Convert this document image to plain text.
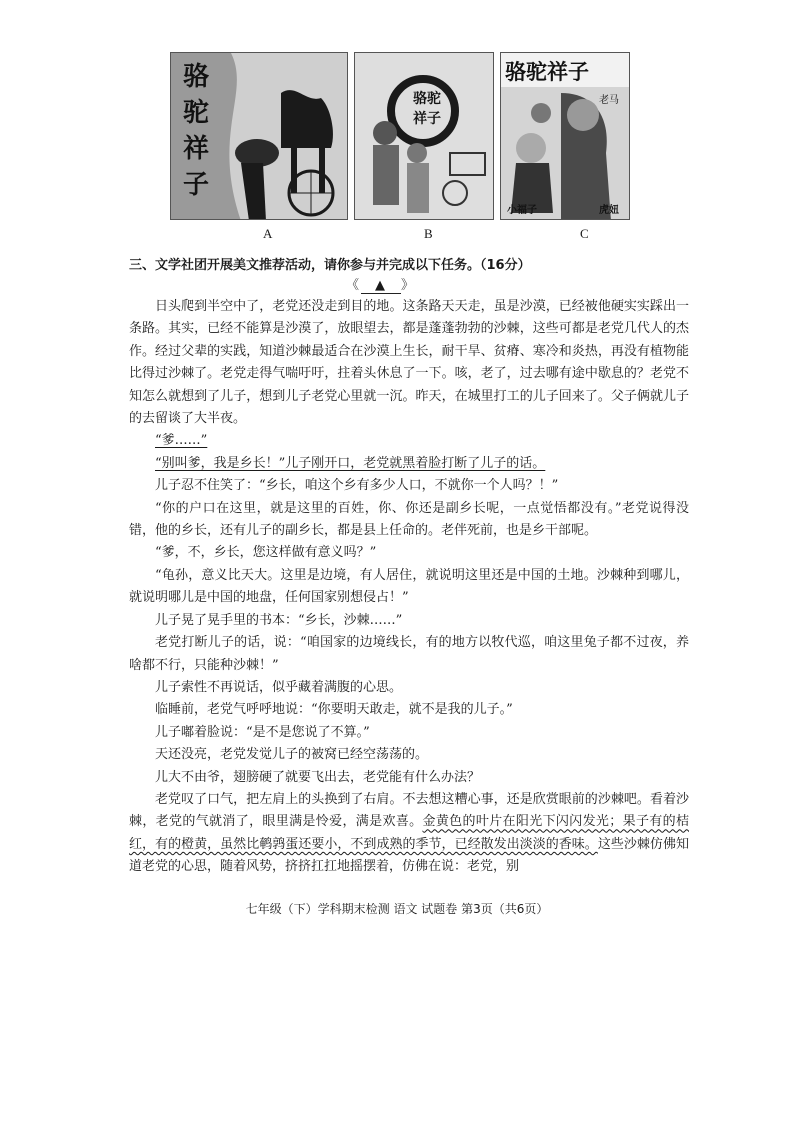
骆
驼
祥
子
骆驼
祥子
骆驼祥子
老马
小福子	虎妞
A	B	C
三、文学社团开展美文推荐活动，请你参与并完成以下任务。（16分）
《 ▲ 》

日头爬到半空中了，老党还没走到目的地。这条路天天走，虽是沙漠，已经被他硬实实踩出一条路。其实，已经不能算是沙漠了，放眼望去，都是蓬蓬勃勃的沙棘，这些可都是老党几代人的杰作。经过父辈的实践，知道沙棘最适合在沙漠上生长，耐干旱、贫瘠、寒冷和炎热，再没有植物能比得过沙棘了。老党走得气喘吁吁，拄着头休息了一下。咳，老了，过去哪有途中歇息的？老党不知怎么就想到了儿子，想到儿子老党心里就一沉。昨天，在城里打工的儿子回来了。父子俩就儿子的去留谈了大半夜。

“爹……”

“别叫爹，我是乡长！”儿子刚开口，老党就黑着脸打断了儿子的话。

儿子忍不住笑了：“乡长，咱这个乡有多少人口，不就你一个人吗？！”

“你的户口在这里，就是这里的百姓，你、你还是副乡长呢，一点觉悟都没有。”老党说得没错，他的乡长，还有儿子的副乡长，都是县上任命的。老伴死前，也是乡干部呢。

“爹，不，乡长，您这样做有意义吗？”

“龟孙，意义比天大。这里是边境，有人居住，就说明这里还是中国的土地。沙棘种到哪儿，就说明哪儿是中国的地盘，任何国家别想侵占！”

儿子晃了晃手里的书本：“乡长，沙棘……”

老党打断儿子的话，说：“咱国家的边境线长，有的地方以牧代巡，咱这里兔子都不过夜，养啥都不行，只能种沙棘！”

儿子索性不再说话，似乎藏着满腹的心思。

临睡前，老党气呼呼地说：“你要明天敢走，就不是我的儿子。”

儿子嘟着脸说：“是不是您说了不算。”

天还没亮，老党发觉儿子的被窝已经空荡荡的。

儿大不由爷，翅膀硬了就要飞出去，老党能有什么办法？

老党叹了口气，把左肩上的头换到了右肩。不去想这糟心事，还是欣赏眼前的沙棘吧。看着沙棘，老党的气就消了，眼里满是怜爱，满是欢喜。金黄色的叶片在阳光下闪闪发光；果子有的桔红，有的橙黄，虽然比鹌鹑蛋还要小，不到成熟的季节，已经散发出淡淡的香味。这些沙棘仿佛知道老党的心思，随着风势，挤挤扛扛地摇摆着，仿佛在说：老党，别

七年级（下）学科期末检测 语文 试题卷 第3页（共6页）
